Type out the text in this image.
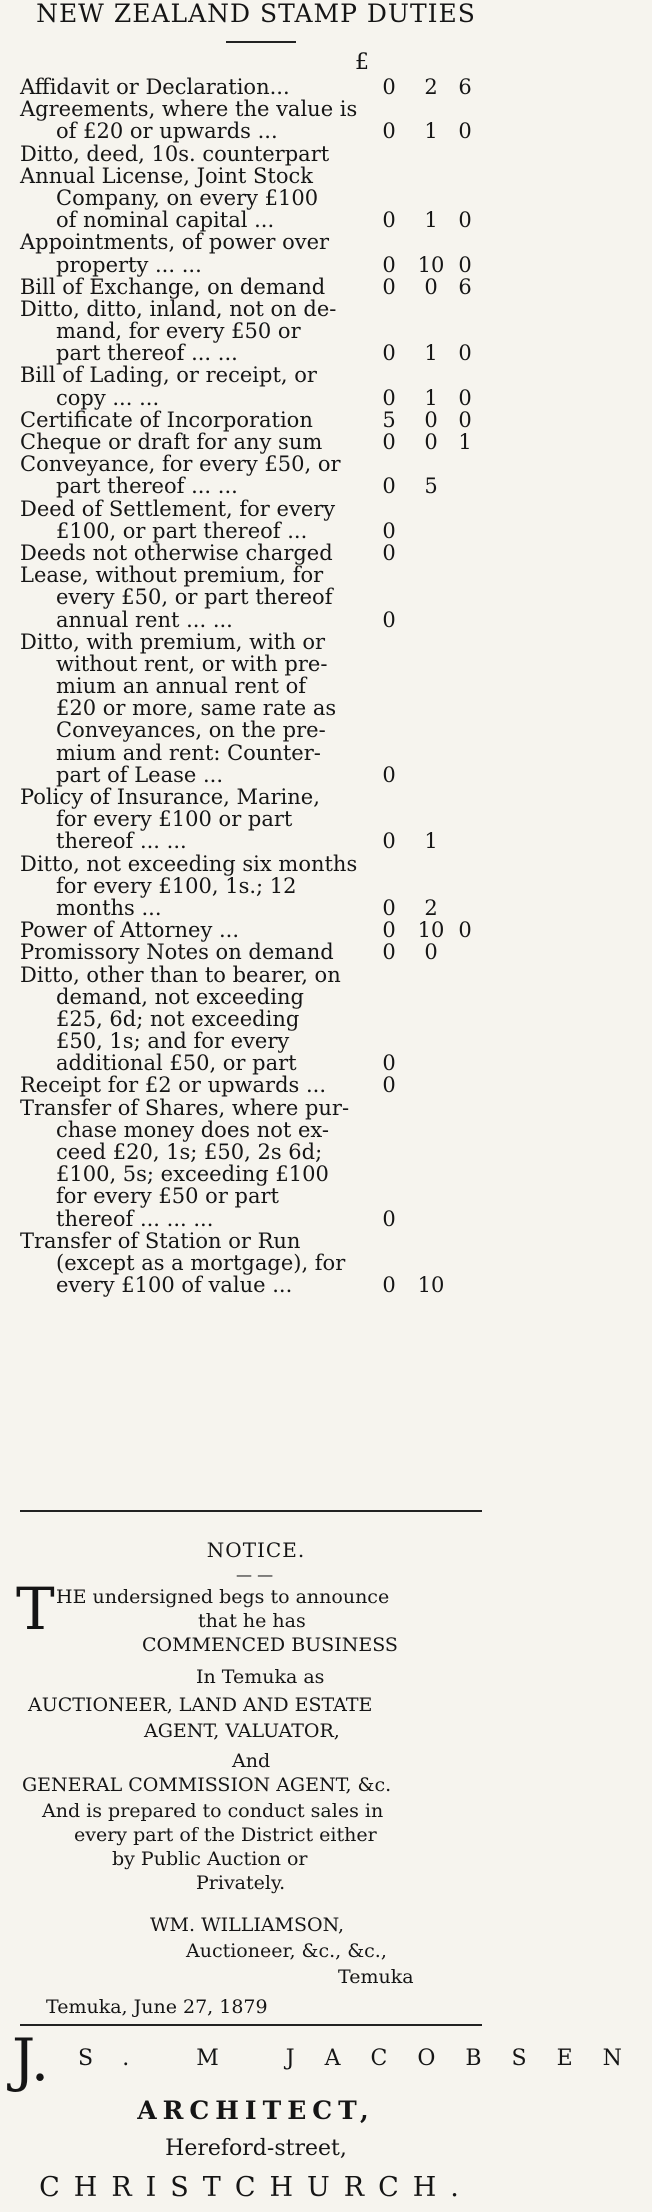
NEW ZEALAND STAMP DUTIES
£
Affidavit or Declaration...	0	2 6
Agreements, where the value is
of £20 or upwards ...	0	1 0
Ditto, deed, 10s. counterpart
Annual License, Joint Stock
Company, on every £100
of nominal capital ...	0	1 0
Appointments, of power over
property ... ...	0 10 0
Bill of Exchange, on demand	0	0 6
Ditto, ditto, inland, not on de-
mand, for every £50 or
part thereof ... ...	0	1 0
Bill of Lading, or receipt, or
copy ... ...	0	1 0
Certificate of Incorporation	5	0 0
Cheque or draft for any sum	0	0 1
Conveyance, for every £50, or
part thereof ... ...	0	5
Deed of Settlement, for every
£100, or part thereof ...	0
Deeds not otherwise charged 0
Lease, without premium, for
every £50, or part thereof
annual rent ... ...	0
Ditto, with premium, with or
without rent, or with pre-
mium an annual rent of
£20 or more, same rate as
Conveyances, on the pre-
mium and rent: Counter-
part of Lease ...	0
Policy of Insurance, Marine,
for every £100 or part
thereof ... ...	0	1
Ditto, not exceeding six months
for every £100, 1s.; 12
months ...	0	2
Power of Attorney ...	0 10 0
Promissory Notes on demand 0	0
Ditto, other than to bearer, on
demand, not exceeding
£25, 6d; not exceeding
£50, 1s; and for every
additional £50, or part	0
Receipt for £2 or upwards ...	0
Transfer of Shares, where pur-
chase money does not ex-
ceed £20, 1s; £50, 2s 6d;
£100, 5s; exceeding £100
for every £50 or part
thereof ... ... ...	0
Transfer of Station or Run
(except as a mortgage), for
every £100 of value ...	0 10
NOTICE.
— —
T HE undersigned begs to announce
that he has
COMMENCED BUSINESS
In Temuka as
AUCTIONEER, LAND AND ESTATE
AGENT, VALUATOR,
And
GENERAL COMMISSION AGENT, &c.
And is prepared to conduct sales in
every part of the District either
by Public Auction or
Privately.
WM. WILLIAMSON,
Auctioneer, &c., &c.,
Temuka
Temuka, June 27, 1879
J. S. M JACOBSEN
ARCHITECT,
Hereford-street,
CHRISTCHURCH.
